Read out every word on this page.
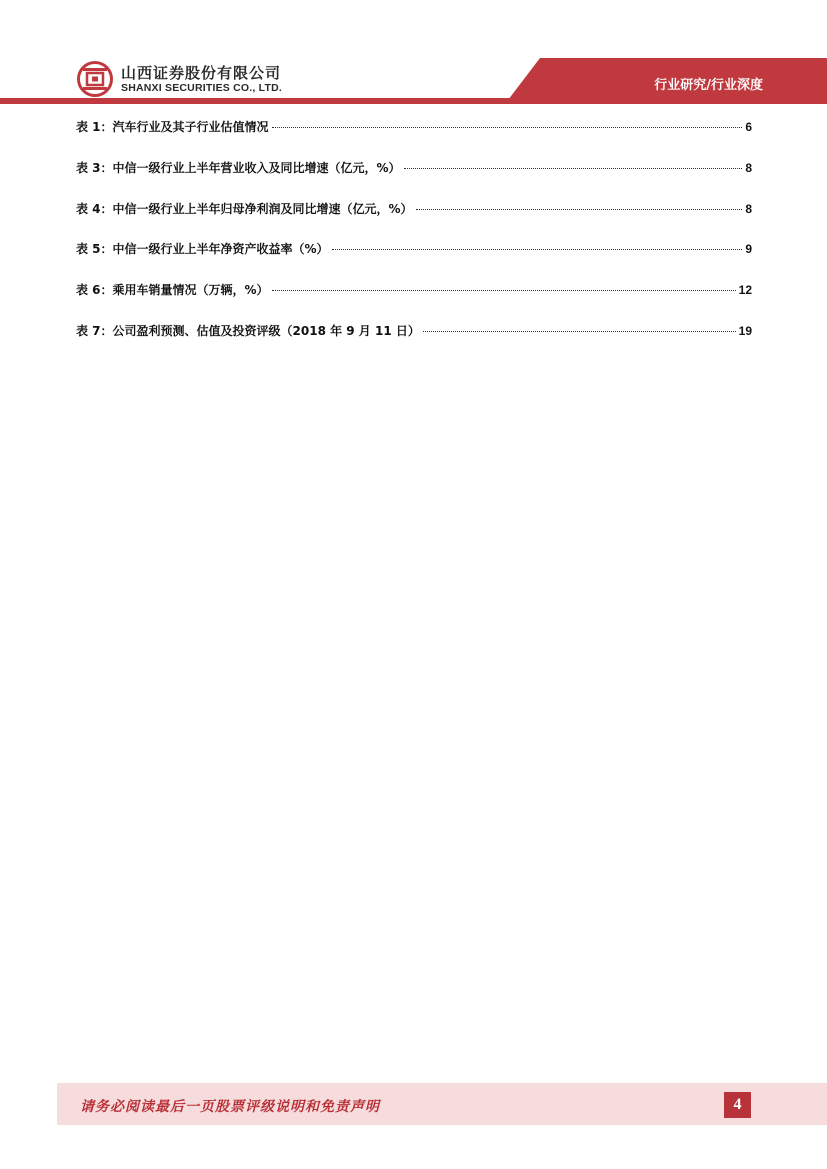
山西证券股份有限公司
SHANXI SECURITIES CO., LTD.	行业研究/行业深度
表 1：汽车行业及其子行业估值情况	6
表 3：中信一级行业上半年营业收入及同比增速（亿元，%）	8
表 4：中信一级行业上半年归母净利润及同比增速（亿元，%）	8
表 5：中信一级行业上半年净资产收益率（%）	9
表 6：乘用车销量情况（万辆，%）	12
表 7：公司盈利预测、估值及投资评级（2018 年 9 月 11 日）	19
请务必阅读最后一页股票评级说明和免责声明	4
